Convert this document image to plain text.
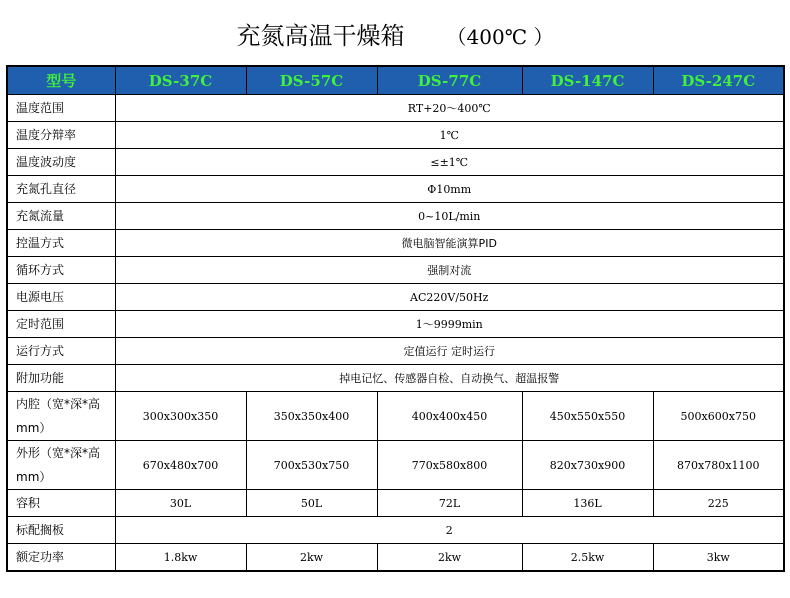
充氮高温干燥箱 （400℃ ）
型号	DS-37C	DS-57C	DS-77C	DS-147C	DS-247C
温度范围	RT+20～400℃				
温度分辩率	1℃				
温度波动度	≤±1℃				
充氮孔直径	Φ10mm				
充氮流量	0~10L/min				
控温方式	微电脑智能演算PID				
循环方式	强制对流				
电源电压	AC220V/50Hz				
定时范围	1～9999min				
运行方式	定值运行 定时运行				
附加功能	掉电记忆、传感器自检、自动换气、超温报警				
内腔（宽*深*高mm）	300x300x350	350x350x400	400x400x450	450x550x550	500x600x750
外形（宽*深*高mm）	670x480x700	700x530x750	770x580x800	820x730x900	870x780x1100
容积	30L	50L	72L	136L	225
标配搁板	2				
额定功率	1.8kw	2kw	2kw	2.5kw	3kw
